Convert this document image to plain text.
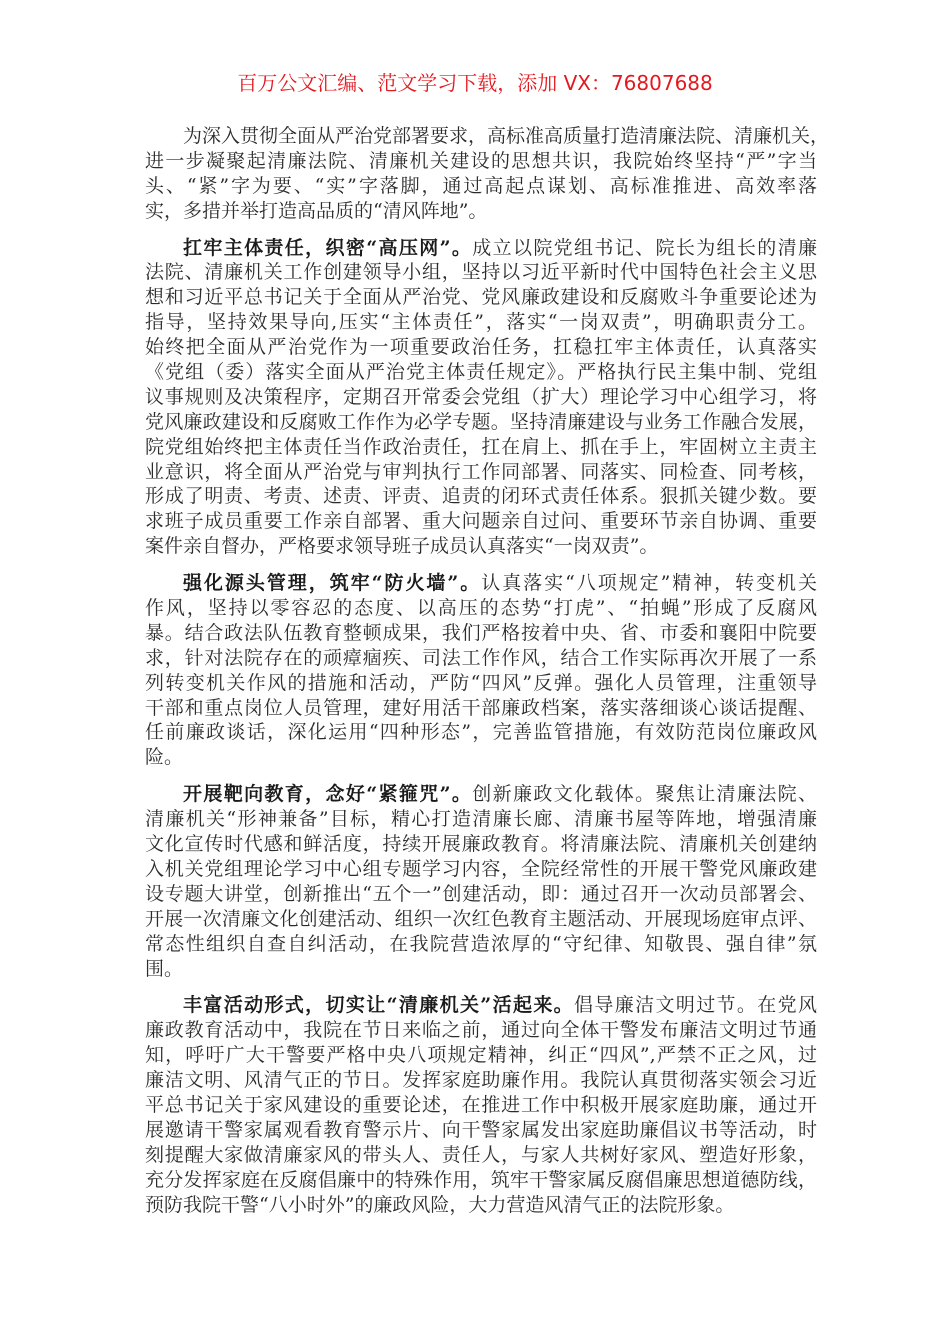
百万公文汇编、范文学习下载，添加 VX：76807688
为深入贯彻全面从严治党部署要求，高标准高质量打造清廉法院、清廉机关，
进一步凝聚起清廉法院、清廉机关建设的思想共识，我院始终坚持“严”字当
头、“紧”字为要、“实”字落脚，通过高起点谋划、高标准推进、高效率落
实，多措并举打造高品质的“清风阵地”。
扛牢主体责任，织密“高压网”。成立以院党组书记、院长为组长的清廉
法院、清廉机关工作创建领导小组，坚持以习近平新时代中国特色社会主义思
想和习近平总书记关于全面从严治党、党风廉政建设和反腐败斗争重要论述为
指导，坚持效果导向,压实“主体责任”，落实“一岗双责”，明确职责分工。
始终把全面从严治党作为一项重要政治任务，扛稳扛牢主体责任，认真落实
《党组（委）落实全面从严治党主体责任规定》。严格执行民主集中制、党组
议事规则及决策程序，定期召开常委会党组（扩大）理论学习中心组学习，将
党风廉政建设和反腐败工作作为必学专题。坚持清廉建设与业务工作融合发展，
院党组始终把主体责任当作政治责任，扛在肩上、抓在手上，牢固树立主责主
业意识，将全面从严治党与审判执行工作同部署、同落实、同检查、同考核，
形成了明责、考责、述责、评责、追责的闭环式责任体系。狠抓关键少数。要
求班子成员重要工作亲自部署、重大问题亲自过问、重要环节亲自协调、重要
案件亲自督办，严格要求领导班子成员认真落实“一岗双责”。
强化源头管理，筑牢“防火墙”。认真落实“八项规定”精神，转变机关
作风，坚持以零容忍的态度、以高压的态势“打虎”、“拍蝇”形成了反腐风
暴。结合政法队伍教育整顿成果，我们严格按着中央、省、市委和襄阳中院要
求，针对法院存在的顽瘴痼疾、司法工作作风，结合工作实际再次开展了一系
列转变机关作风的措施和活动，严防“四风”反弹。强化人员管理，注重领导
干部和重点岗位人员管理，建好用活干部廉政档案，落实落细谈心谈话提醒、
任前廉政谈话，深化运用“四种形态”，完善监管措施，有效防范岗位廉政风
险。
开展靶向教育，念好“紧箍咒”。创新廉政文化载体。聚焦让清廉法院、
清廉机关“形神兼备”目标，精心打造清廉长廊、清廉书屋等阵地，增强清廉
文化宣传时代感和鲜活度，持续开展廉政教育。将清廉法院、清廉机关创建纳
入机关党组理论学习中心组专题学习内容，全院经常性的开展干警党风廉政建
设专题大讲堂，创新推出“五个一”创建活动，即：通过召开一次动员部署会、
开展一次清廉文化创建活动、组织一次红色教育主题活动、开展现场庭审点评、
常态性组织自查自纠活动，在我院营造浓厚的“守纪律、知敬畏、强自律”氛
围。
丰富活动形式，切实让“清廉机关”活起来。倡导廉洁文明过节。在党风
廉政教育活动中，我院在节日来临之前，通过向全体干警发布廉洁文明过节通
知，呼吁广大干警要严格中央八项规定精神，纠正“四风”,严禁不正之风，过
廉洁文明、风清气正的节日。发挥家庭助廉作用。我院认真贯彻落实领会习近
平总书记关于家风建设的重要论述，在推进工作中积极开展家庭助廉，通过开
展邀请干警家属观看教育警示片、向干警家属发出家庭助廉倡议书等活动，时
刻提醒大家做清廉家风的带头人、责任人，与家人共树好家风、塑造好形象，
充分发挥家庭在反腐倡廉中的特殊作用，筑牢干警家属反腐倡廉思想道德防线，
预防我院干警“八小时外”的廉政风险，大力营造风清气正的法院形象。
